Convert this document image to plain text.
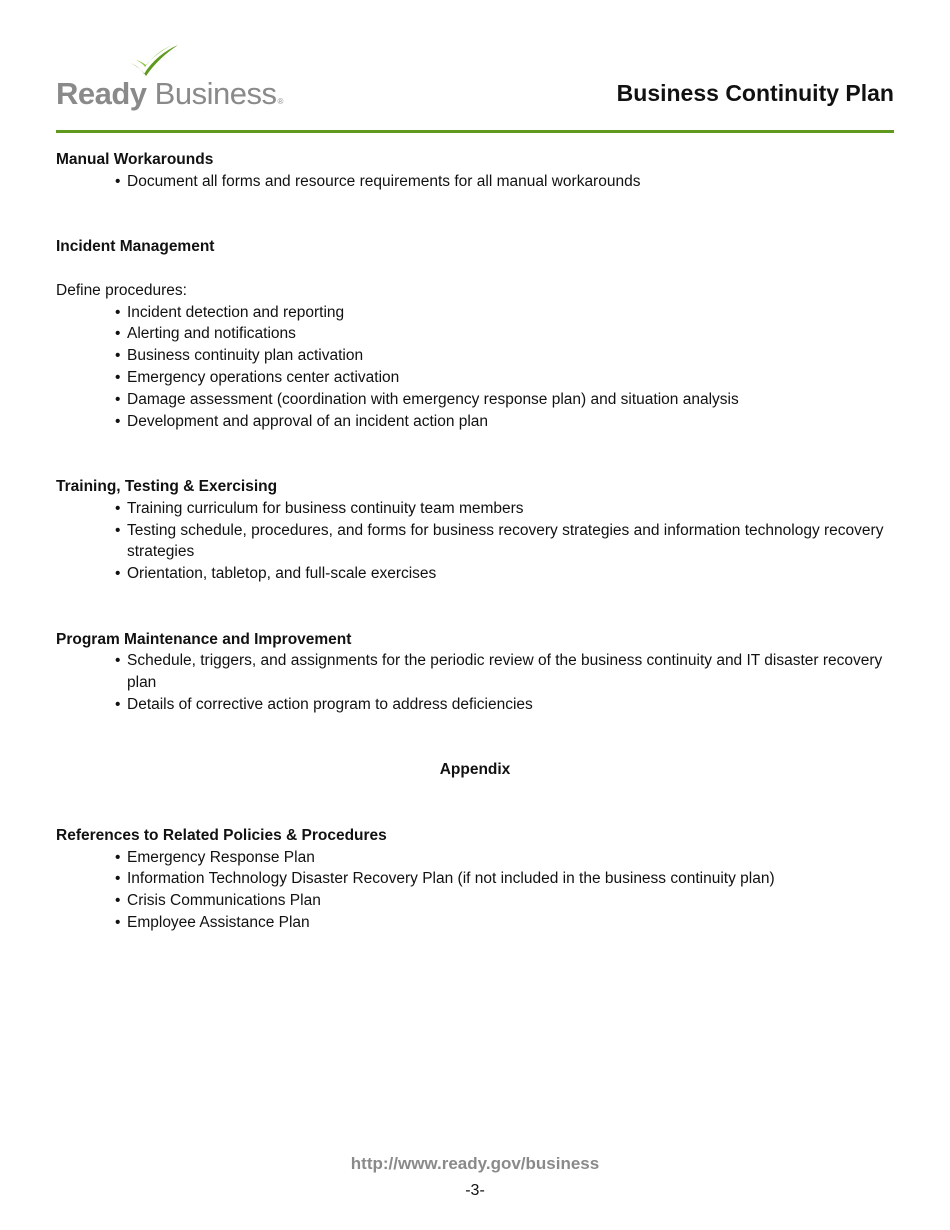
Ready Business®	Business Continuity Plan

Manual Workarounds

• Document all forms and resource requirements for all manual workarounds

Incident Management

Define procedures:

• Incident detection and reporting
• Alerting and notifications
• Business continuity plan activation
• Emergency operations center activation
• Damage assessment (coordination with emergency response plan) and situation analysis
• Development and approval of an incident action plan

Training, Testing & Exercising

• Training curriculum for business continuity team members
• Testing schedule, procedures, and forms for business recovery strategies and information technology recovery strategies
• Orientation, tabletop, and full-scale exercises

Program Maintenance and Improvement

• Schedule, triggers, and assignments for the periodic review of the business continuity and IT disaster recovery plan
• Details of corrective action program to address deficiencies

Appendix

References to Related Policies & Procedures

• Emergency Response Plan
• Information Technology Disaster Recovery Plan (if not included in the business continuity plan)
• Crisis Communications Plan
• Employee Assistance Plan
http://www.ready.gov/business
-3-
